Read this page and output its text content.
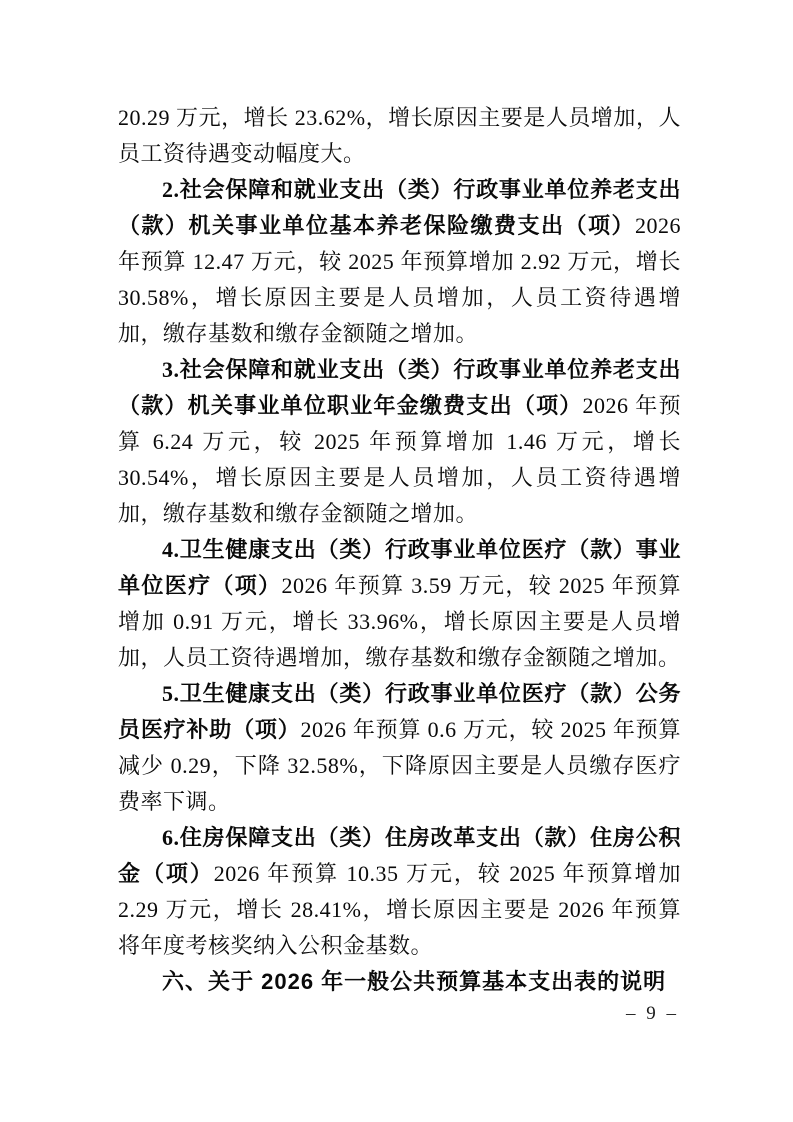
20.29 万元，增长 23.62%，增长原因主要是人员增加，人员工资待遇变动幅度大。

2.社会保障和就业支出（类）行政事业单位养老支出（款）机关事业单位基本养老保险缴费支出（项）2026 年预算 12.47 万元，较 2025 年预算增加 2.92 万元，增长 30.58%，增长原因主要是人员增加，人员工资待遇增加，缴存基数和缴存金额随之增加。

3.社会保障和就业支出（类）行政事业单位养老支出（款）机关事业单位职业年金缴费支出（项）2026 年预算 6.24 万元，较 2025 年预算增加 1.46 万元，增长 30.54%，增长原因主要是人员增加，人员工资待遇增加，缴存基数和缴存金额随之增加。

4.卫生健康支出（类）行政事业单位医疗（款）事业单位医疗（项）2026 年预算 3.59 万元，较 2025 年预算增加 0.91 万元，增长 33.96%，增长原因主要是人员增加，人员工资待遇增加，缴存基数和缴存金额随之增加。

5.卫生健康支出（类）行政事业单位医疗（款）公务员医疗补助（项）2026 年预算 0.6 万元，较 2025 年预算减少 0.29，下降 32.58%，下降原因主要是人员缴存医疗费率下调。

6.住房保障支出（类）住房改革支出（款）住房公积金（项）2026 年预算 10.35 万元，较 2025 年预算增加 2.29 万元，增长 28.41%，增长原因主要是 2026 年预算将年度考核奖纳入公积金基数。

六、关于 2026 年一般公共预算基本支出表的说明

– 9 –
